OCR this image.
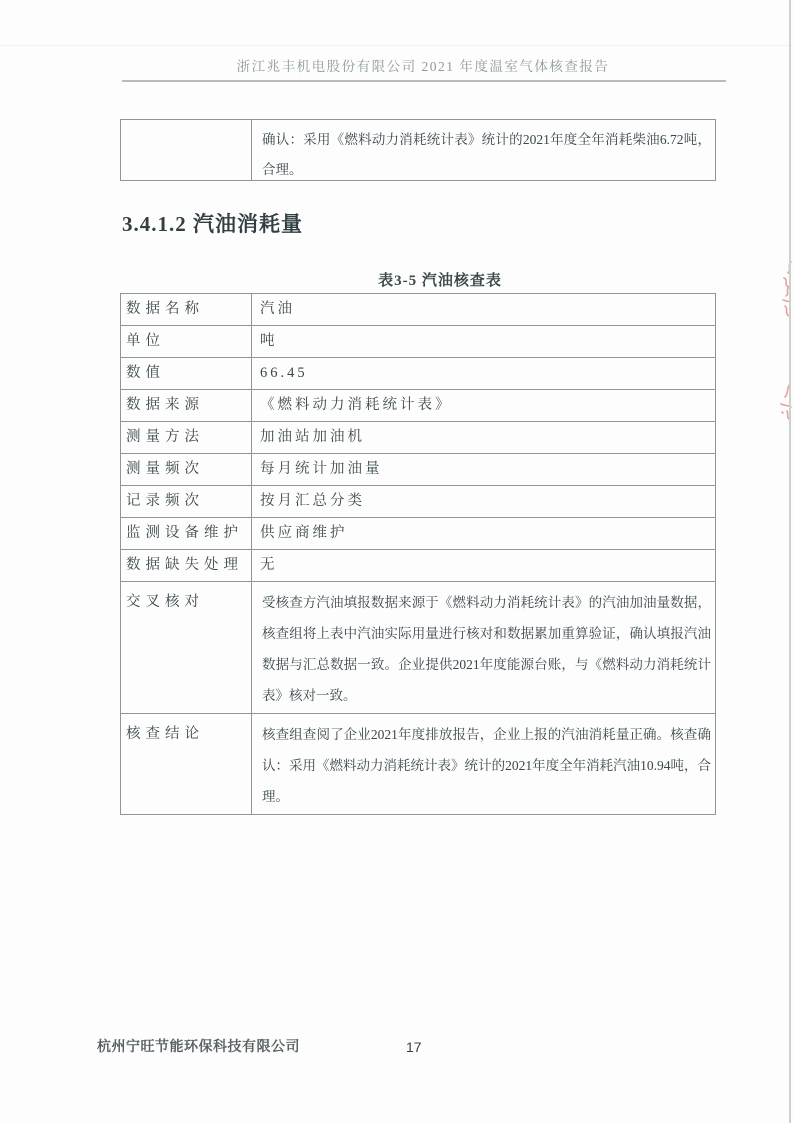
浙江兆丰机电股份有限公司 2021 年度温室气体核查报告
确认：采用《燃料动力消耗统计表》统计的2021年度全年消耗柴油6.72吨，合理。
3.4.1.2 汽油消耗量
表3-5 汽油核查表
数据名称	汽油
单位	吨
数值	66.45
数据来源	《燃料动力消耗统计表》
测量方法	加油站加油机
测量频次	每月统计加油量
记录频次	按月汇总分类
监测设备维护	供应商维护
数据缺失处理	无
交叉核对	受核查方汽油填报数据来源于《燃料动力消耗统计表》的汽油加油量数据，核查组将上表中汽油实际用量进行核对和数据累加重算验证，确认填报汽油数据与汇总数据一致。企业提供2021年度能源台账，与《燃料动力消耗统计表》核对一致。
核查结论	核查组查阅了企业2021年度排放报告，企业上报的汽油消耗量正确。核查确认：采用《燃料动力消耗统计表》统计的2021年度全年消耗汽油10.94吨，合理。
杭州宁旺节能环保科技有限公司	17
